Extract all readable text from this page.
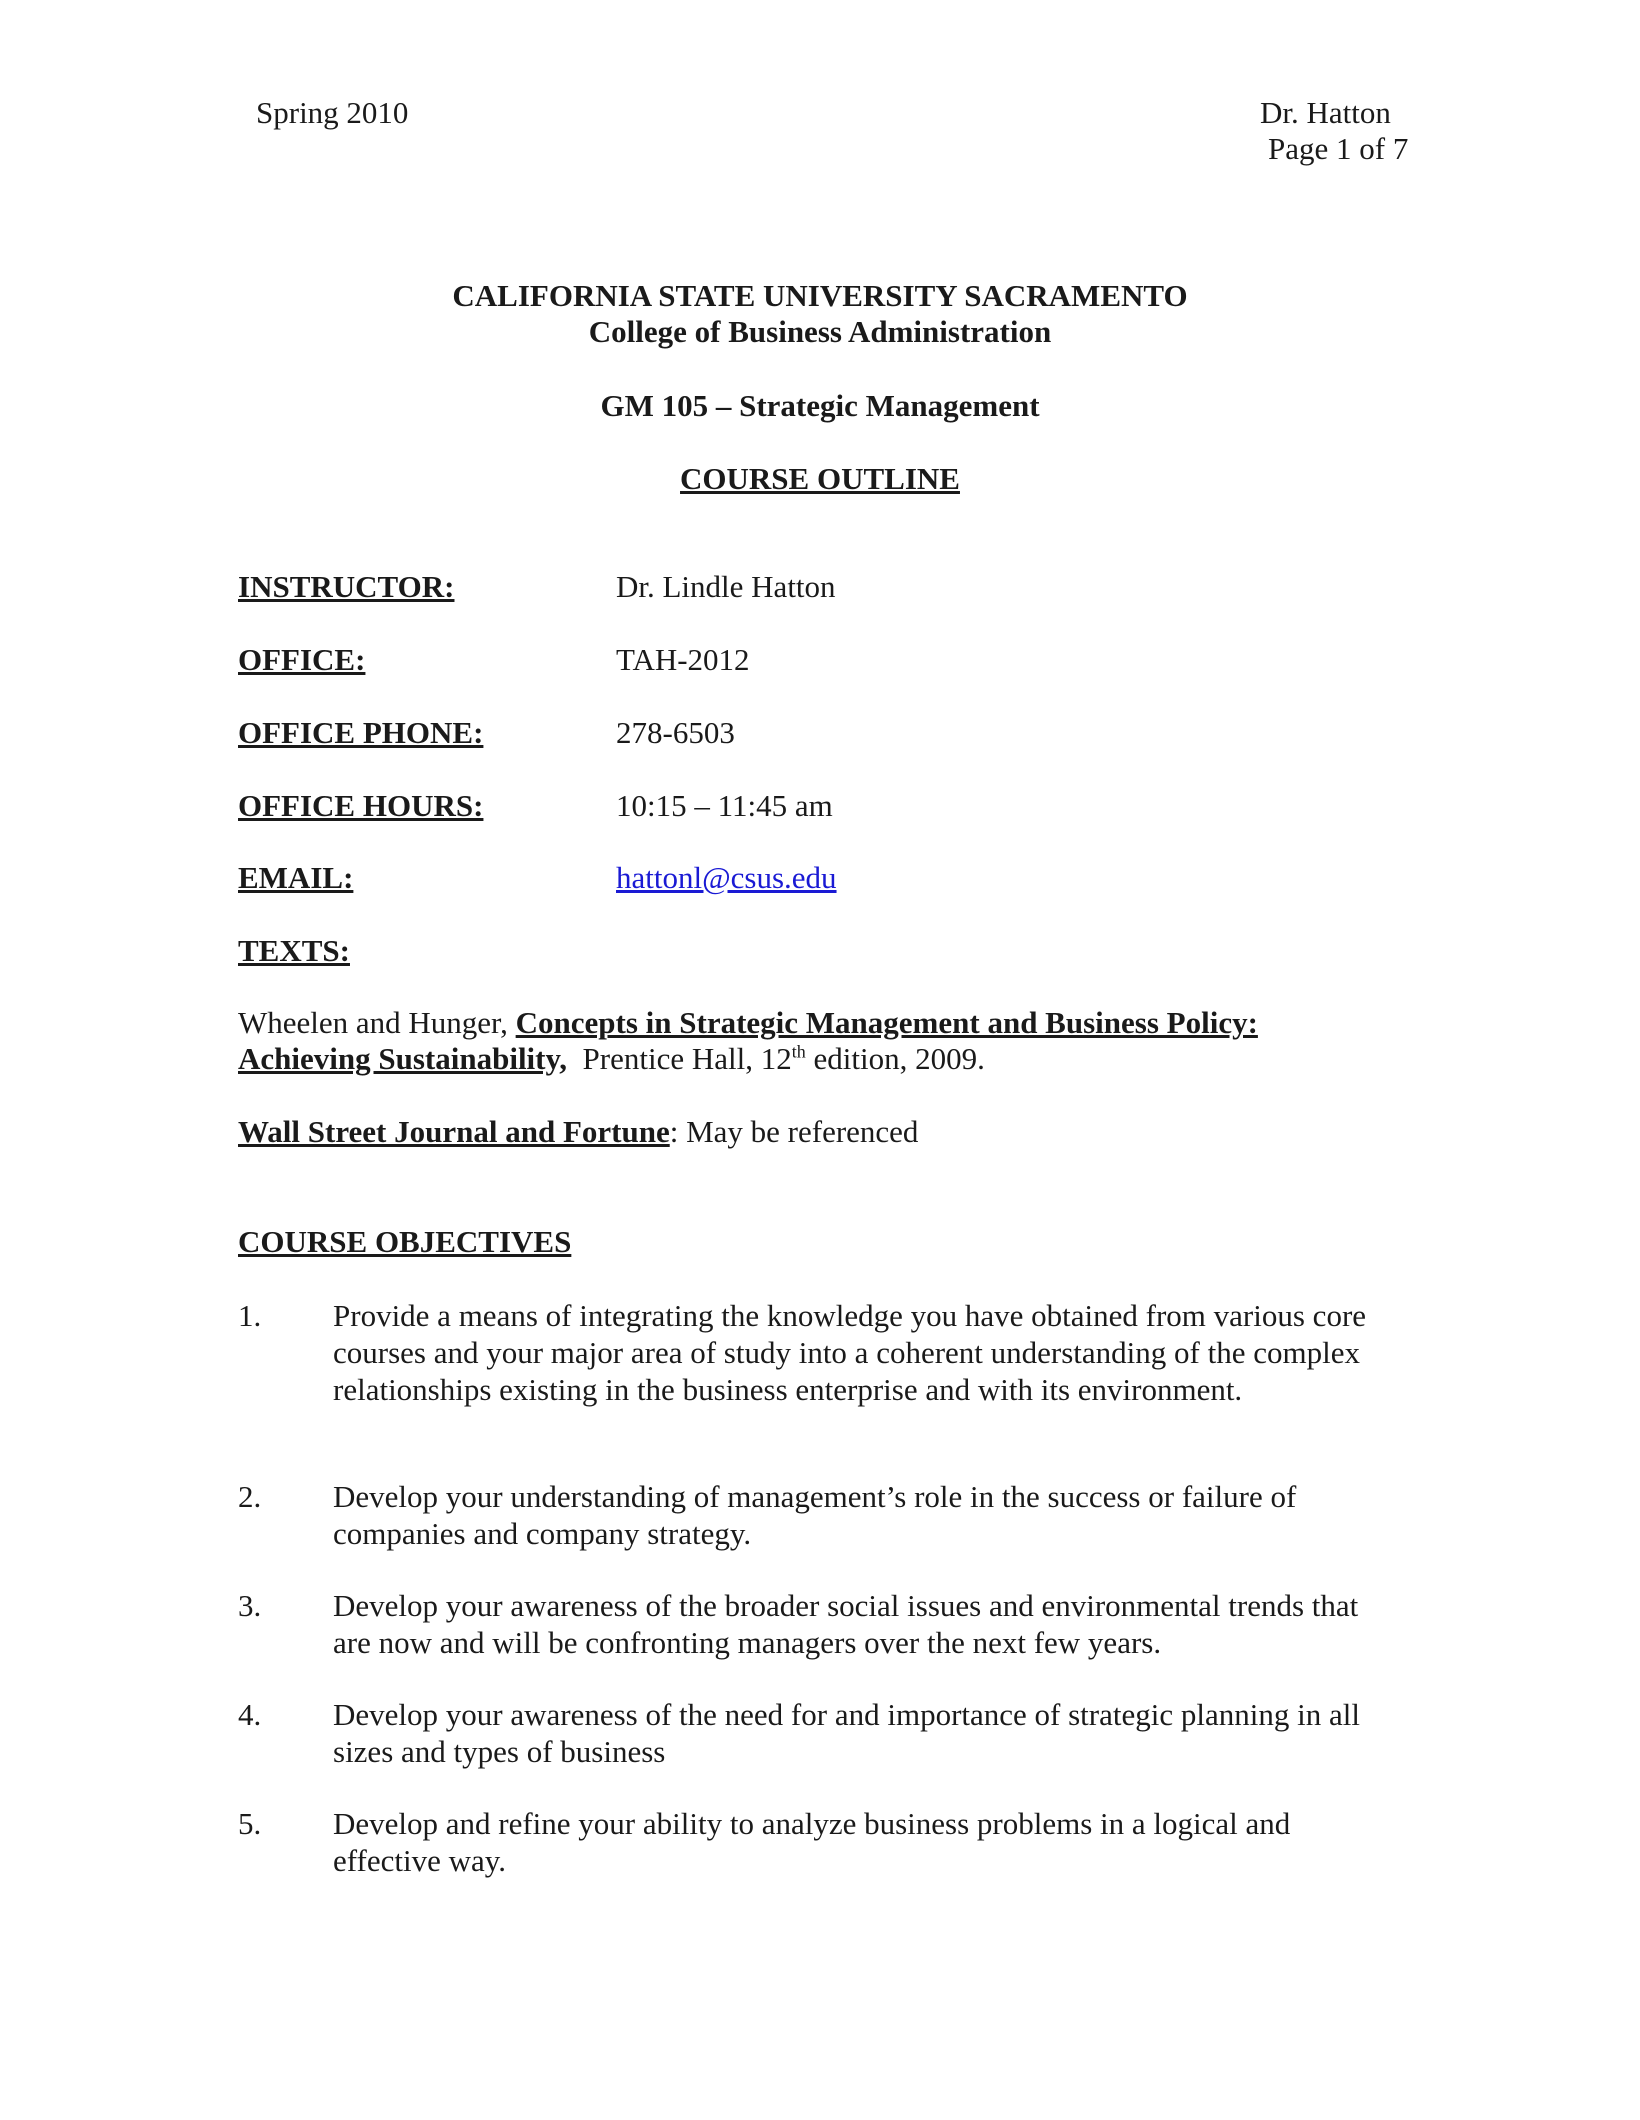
Spring 2010	Dr. Hatton
Page 1 of 7
CALIFORNIA STATE UNIVERSITY SACRAMENTO
College of Business Administration
GM 105 – Strategic Management
COURSE OUTLINE
INSTRUCTOR:	Dr. Lindle Hatton
OFFICE:	TAH-2012
OFFICE PHONE:	278-6503
OFFICE HOURS:	10:15 – 11:45 am
EMAIL:	hattonl@csus.edu
TEXTS:
Wheelen and Hunger, Concepts in Strategic Management and Business Policy:
Achieving Sustainability,  Prentice Hall, 12th edition, 2009.
Wall Street Journal and Fortune: May be referenced
COURSE OBJECTIVES
1. Provide a means of integrating the knowledge you have obtained from various core courses and your major area of study into a coherent understanding of the complex relationships existing in the business enterprise and with its environment.
2. Develop your understanding of management’s role in the success or failure of companies and company strategy.
3. Develop your awareness of the broader social issues and environmental trends that are now and will be confronting managers over the next few years.
4. Develop your awareness of the need for and importance of strategic planning in all sizes and types of business
5. Develop and refine your ability to analyze business problems in a logical and effective way.
